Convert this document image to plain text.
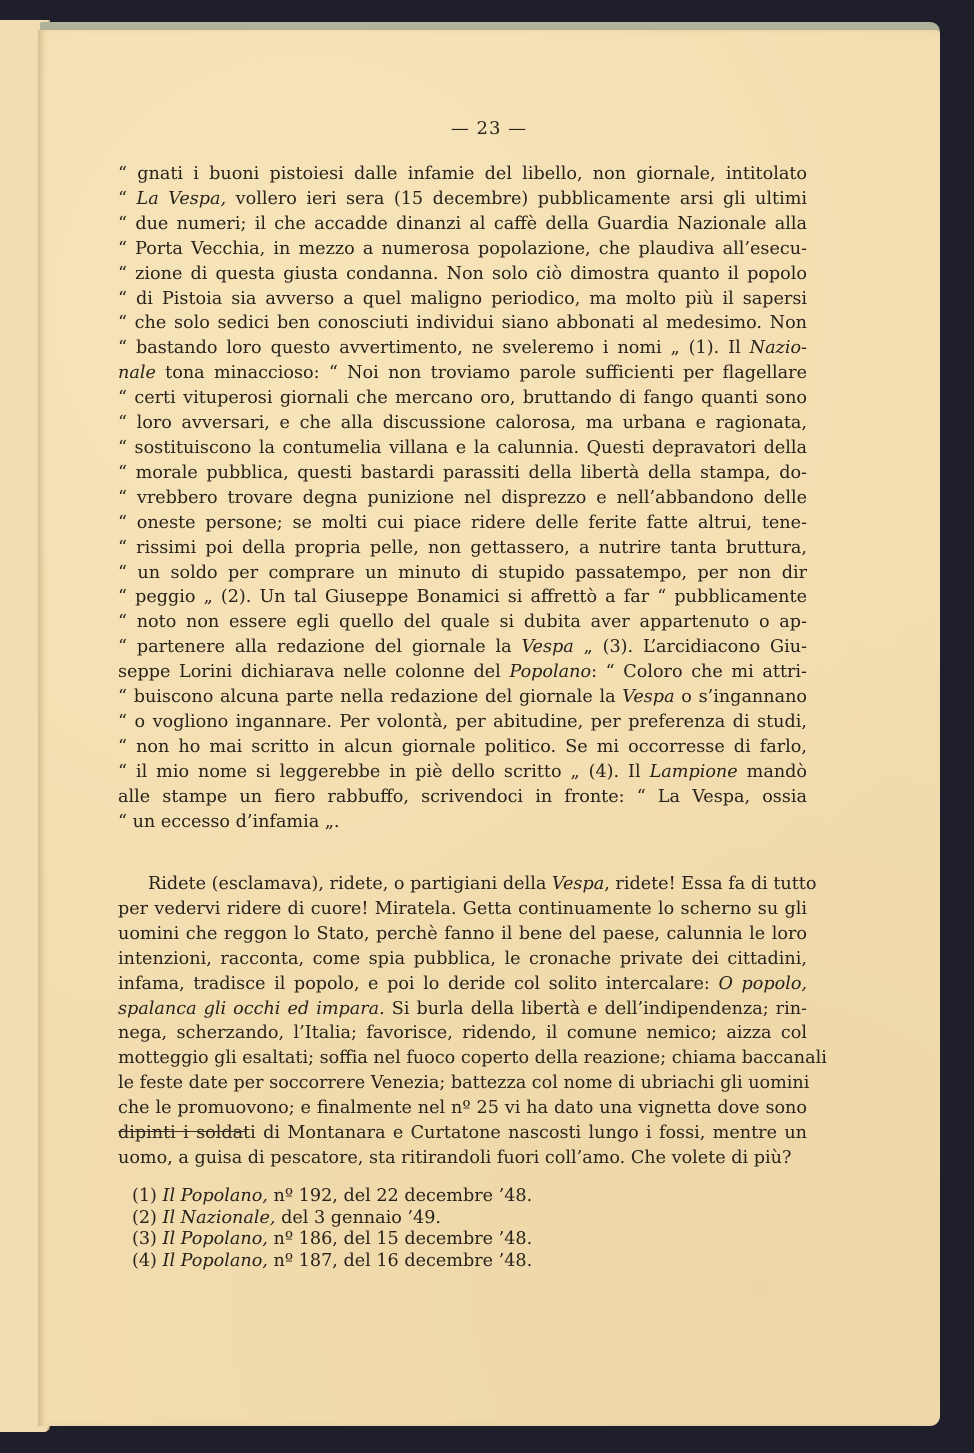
— 23 —
“ gnati i buoni pistoiesi dalle infamie del libello, non giornale, intitolato
“ La Vespa, vollero ieri sera (15 decembre) pubblicamente arsi gli ultimi
“ due numeri; il che accadde dinanzi al caffè della Guardia Nazionale alla
“ Porta Vecchia, in mezzo a numerosa popolazione, che plaudiva all’esecu-
“ zione di questa giusta condanna. Non solo ciò dimostra quanto il popolo
“ di Pistoia sia avverso a quel maligno periodico, ma molto più il sapersi
“ che solo sedici ben conosciuti individui siano abbonati al medesimo. Non
“ bastando loro questo avvertimento, ne sveleremo i nomi „ (1). Il Nazio-
nale tona minaccioso: “ Noi non troviamo parole sufficienti per flagellare
“ certi vituperosi giornali che mercano oro, bruttando di fango quanti sono
“ loro avversari, e che alla discussione calorosa, ma urbana e ragionata,
“ sostituiscono la contumelia villana e la calunnia. Questi depravatori della
“ morale pubblica, questi bastardi parassiti della libertà della stampa, do-
“ vrebbero trovare degna punizione nel disprezzo e nell’abbandono delle
“ oneste persone; se molti cui piace ridere delle ferite fatte altrui, tene-
“ rissimi poi della propria pelle, non gettassero, a nutrire tanta bruttura,
“ un soldo per comprare un minuto di stupido passatempo, per non dir
“ peggio „ (2). Un tal Giuseppe Bonamici si affrettò a far “ pubblicamente
“ noto non essere egli quello del quale si dubita aver appartenuto o ap-
“ partenere alla redazione del giornale la Vespa „ (3). L’arcidiacono Giu-
seppe Lorini dichiarava nelle colonne del Popolano: “ Coloro che mi attri-
“ buiscono alcuna parte nella redazione del giornale la Vespa o s’ingannano
“ o vogliono ingannare. Per volontà, per abitudine, per preferenza di studi,
“ non ho mai scritto in alcun giornale politico. Se mi occorresse di farlo,
“ il mio nome si leggerebbe in piè dello scritto „ (4). Il Lampione mandò
alle stampe un fiero rabbuffo, scrivendoci in fronte: “ La Vespa, ossia
“ un eccesso d’infamia „.
Ridete (esclamava), ridete, o partigiani della Vespa, ridete! Essa fa di tutto
per vedervi ridere di cuore! Miratela. Getta continuamente lo scherno su gli
uomini che reggon lo Stato, perchè fanno il bene del paese, calunnia le loro
intenzioni, racconta, come spia pubblica, le cronache private dei cittadini,
infama, tradisce il popolo, e poi lo deride col solito intercalare: O popolo,
spalanca gli occhi ed impara. Si burla della libertà e dell’indipendenza; rin-
nega, scherzando, l’Italia; favorisce, ridendo, il comune nemico; aizza col
motteggio gli esaltati; soffia nel fuoco coperto della reazione; chiama baccanali
le feste date per soccorrere Venezia; battezza col nome di ubriachi gli uomini
che le promuovono; e finalmente nel nº 25 vi ha dato una vignetta dove sono
dipinti i soldati di Montanara e Curtatone nascosti lungo i fossi, mentre un
uomo, a guisa di pescatore, sta ritirandoli fuori coll’amo. Che volete di più?
(1) Il Popolano, nº 192, del 22 decembre ’48.
(2) Il Nazionale, del 3 gennaio ’49.
(3) Il Popolano, nº 186, del 15 decembre ’48.
(4) Il Popolano, nº 187, del 16 decembre ’48.
